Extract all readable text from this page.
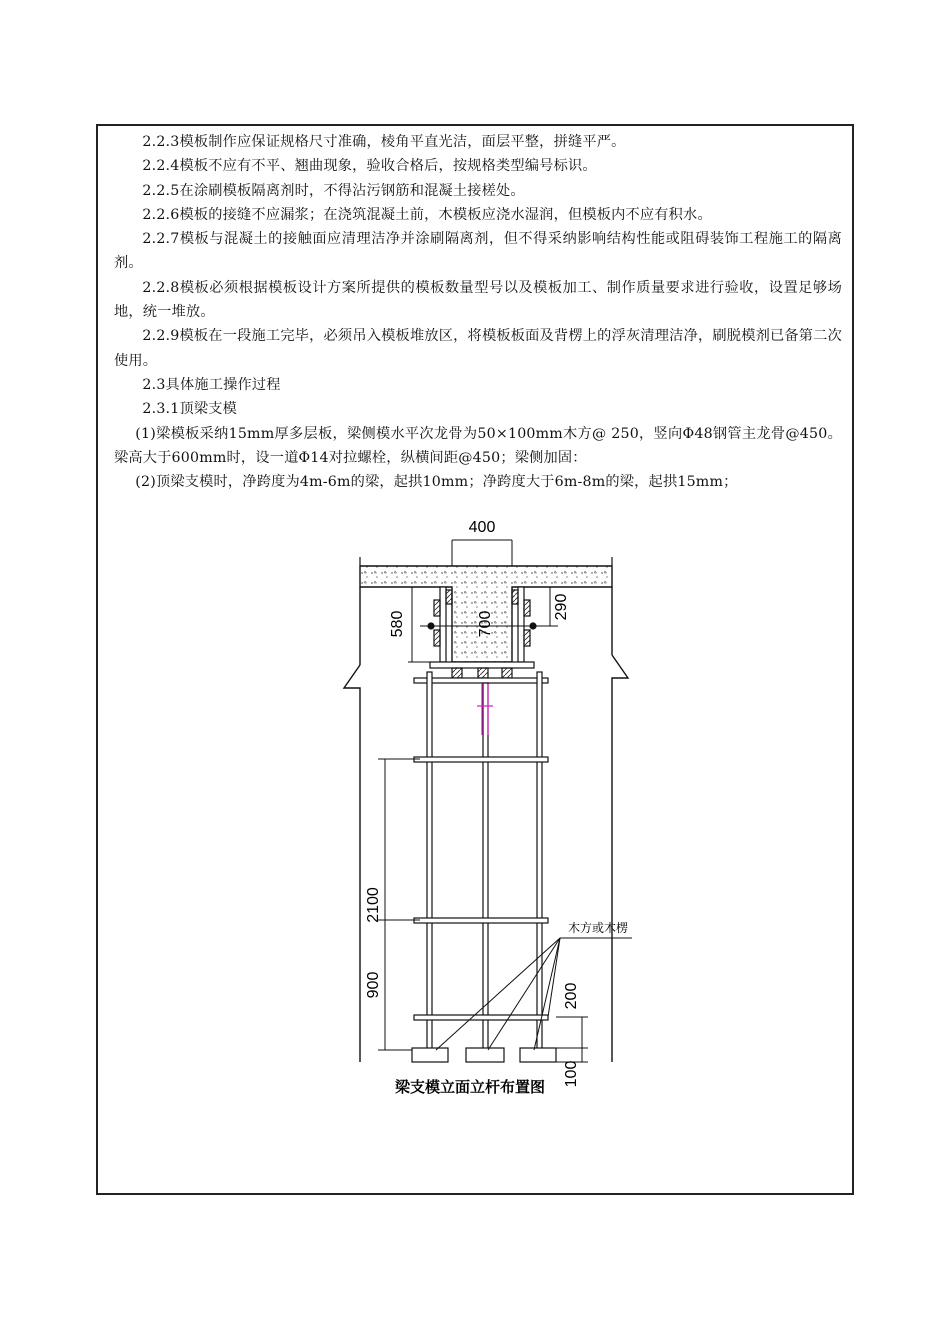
2.2.3模板制作应保证规格尺寸准确，棱角平直光洁，面层平整，拼缝平严。

2.2.4模板不应有不平、翘曲现象，验收合格后，按规格类型编号标识。

2.2.5在涂刷模板隔离剂时，不得沾污钢筋和混凝土接槎处。

2.2.6模板的接缝不应漏浆；在浇筑混凝土前，木模板应浇水湿润，但模板内不应有积水。

2.2.7模板与混凝土的接触面应清理洁净并涂刷隔离剂，但不得采纳影响结构性能或阻碍装饰工程施工的隔离剂。

2.2.8模板必须根据模板设计方案所提供的模板数量型号以及模板加工、制作质量要求进行验收，设置足够场地，统一堆放。

2.2.9模板在一段施工完毕，必须吊入模板堆放区，将模板板面及背楞上的浮灰清理洁净，刷脱模剂已备第二次使用。

2.3具体施工操作过程

2.3.1顶梁支模

(1)梁模板采纳15mm厚多层板，梁侧模水平次龙骨为50×100mm木方@ 250，竖向Φ48钢管主龙骨@450。梁高大于600mm时，设一道Φ14对拉螺栓，纵横间距@450；梁侧加固：

(2)顶梁支模时，净跨度为4m-6m的梁，起拱10mm；净跨度大于6m-8m的梁，起拱15mm；

400
700
580
290
2100
900	200
100
木方或木楞
梁支模立面立杆布置图
